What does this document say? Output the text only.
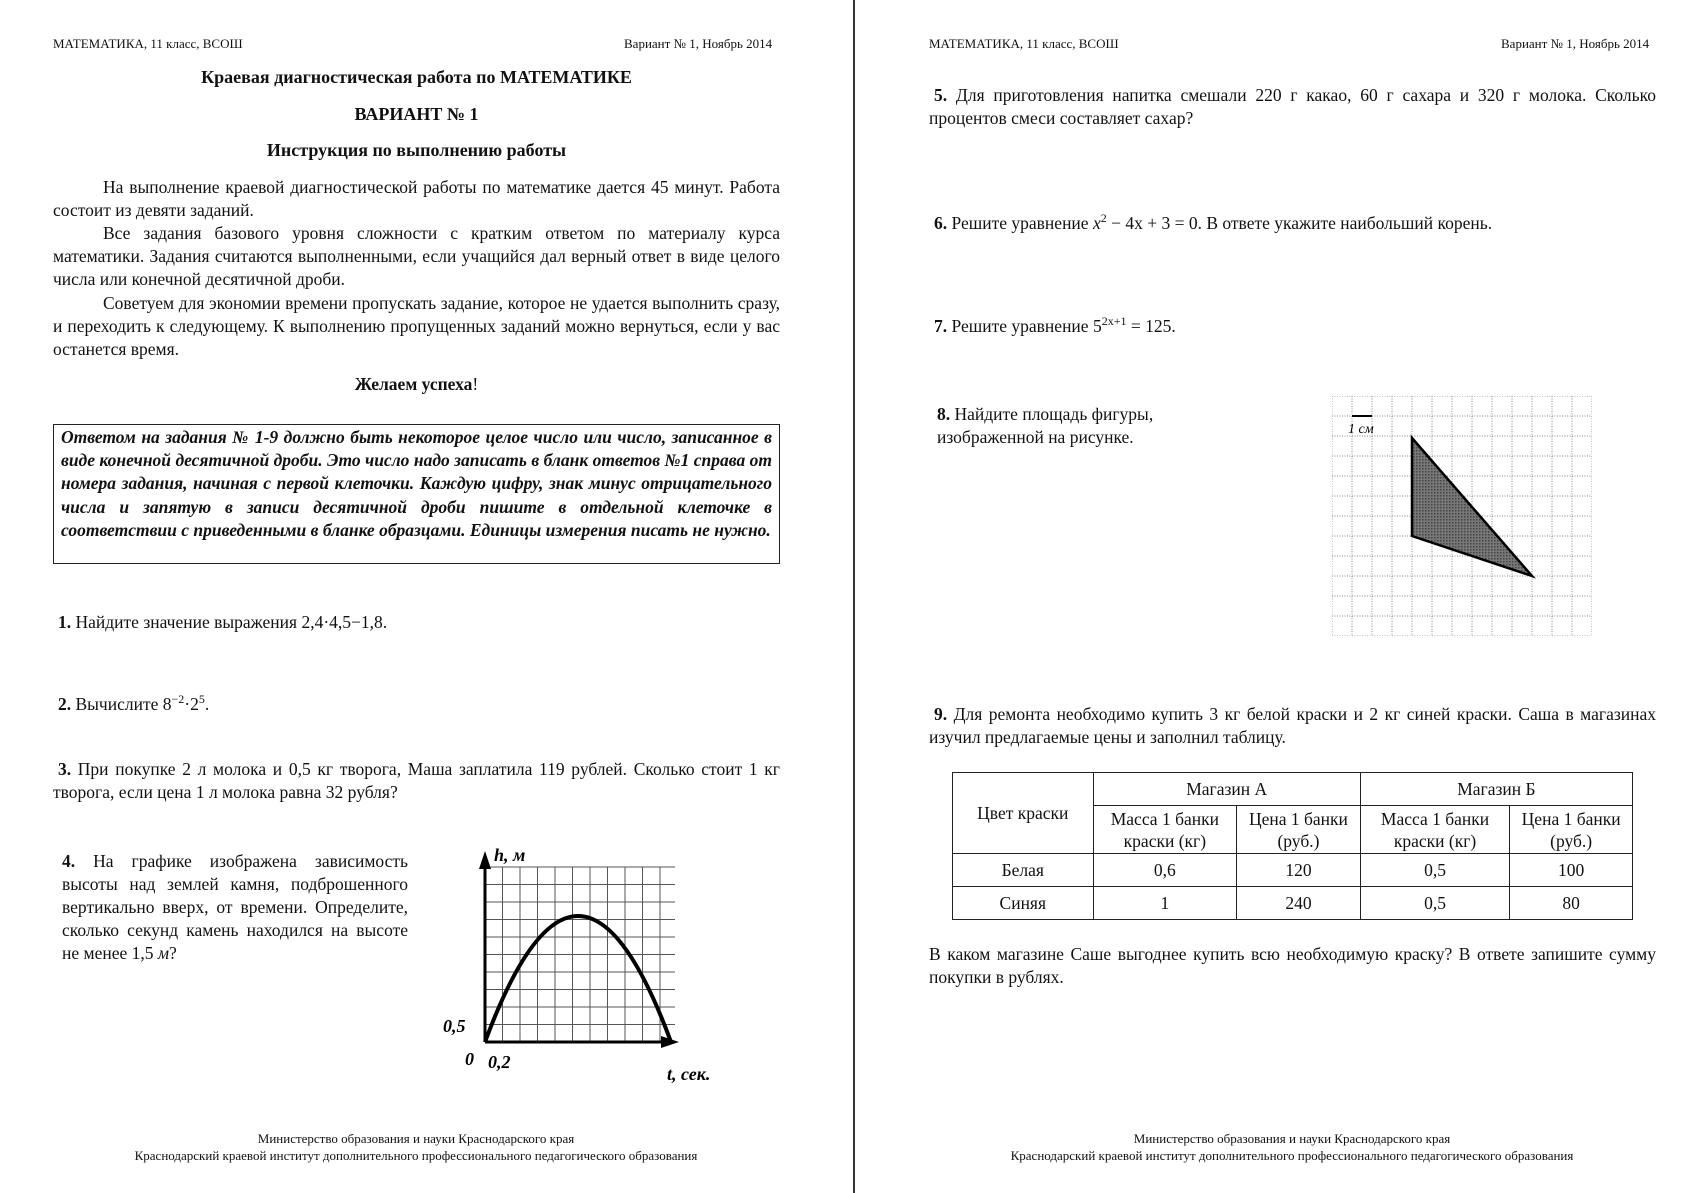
МАТЕМАТИКА, 11 класс, ВСОШ	Вариант № 1, Ноябрь 2014
Краевая диагностическая работа по МАТЕМАТИКЕ
ВАРИАНТ № 1
Инструкция по выполнению работы
На выполнение краевой диагностической работы по математике дается 45 минут. Работа состоит из девяти заданий.
Все задания базового уровня сложности с кратким ответом по материалу курса математики. Задания считаются выполненными, если учащийся дал верный ответ в виде целого числа или конечной десятичной дроби.
Советуем для экономии времени пропускать задание, которое не удается выполнить сразу, и переходить к следующему. К выполнению пропущенных заданий можно вернуться, если у вас останется время.
Желаем успеха!
Ответом на задания № 1-9 должно быть некоторое целое число или число, записанное в виде конечной десятичной дроби. Это число надо записать в бланк ответов №1 справа от номера задания, начиная с первой клеточки. Каждую цифру, знак минус отрицательного числа и запятую в записи десятичной дроби пишите в отдельной клеточке в соответствии с приведенными в бланке образцами. Единицы измерения писать не нужно.
1. Найдите значение выражения 2,4·4,5−1,8.
2. Вычислите $8^{-2}\cdot 2^5$.
3. При покупке 2 л молока и 0,5 кг творога, Маша заплатила 119 рублей. Сколько стоит 1 кг творога, если цена 1 л молока равна 32 рубля?
4. На графике изображена зависимость высоты над землей камня, подброшенного вертикально вверх, от времени. Определите, сколько секунд камень находился на высоте не менее 1,5 м?
h, м
t, сек.
0
0,5
0,2
Министерство образования и науки Краснодарского края
Краснодарский краевой институт дополнительного профессионального педагогического образования
МАТЕМАТИКА, 11 класс, ВСОШ	Вариант № 1, Ноябрь 2014
5. Для приготовления напитка смешали 220 г какао, 60 г сахара и 320 г молока. Сколько процентов смеси составляет сахар?
6. Решите уравнение $x^2 - 4x + 3 = 0$. В ответе укажите наибольший корень.
7. Решите уравнение $5^{2x+1} = 125$.
8. Найдите площадь фигуры, изображенной на рисунке.	1 см
9. Для ремонта необходимо купить 3 кг белой краски и 2 кг синей краски. Саша в магазинах изучил предлагаемые цены и заполнил таблицу.
Цвет краски	Магазин А		Магазин Б	
	Масса 1 банки краски (кг)	Цена 1 банки (руб.)	Масса 1 банки краски (кг)	Цена 1 банки (руб.)
Белая	0,6	120	0,5	100
Синяя	1	240	0,5	80
В каком магазине Саше выгоднее купить всю необходимую краску? В ответе запишите сумму покупки в рублях.
Министерство образования и науки Краснодарского края
Краснодарский краевой институт дополнительного профессионального педагогического образования
